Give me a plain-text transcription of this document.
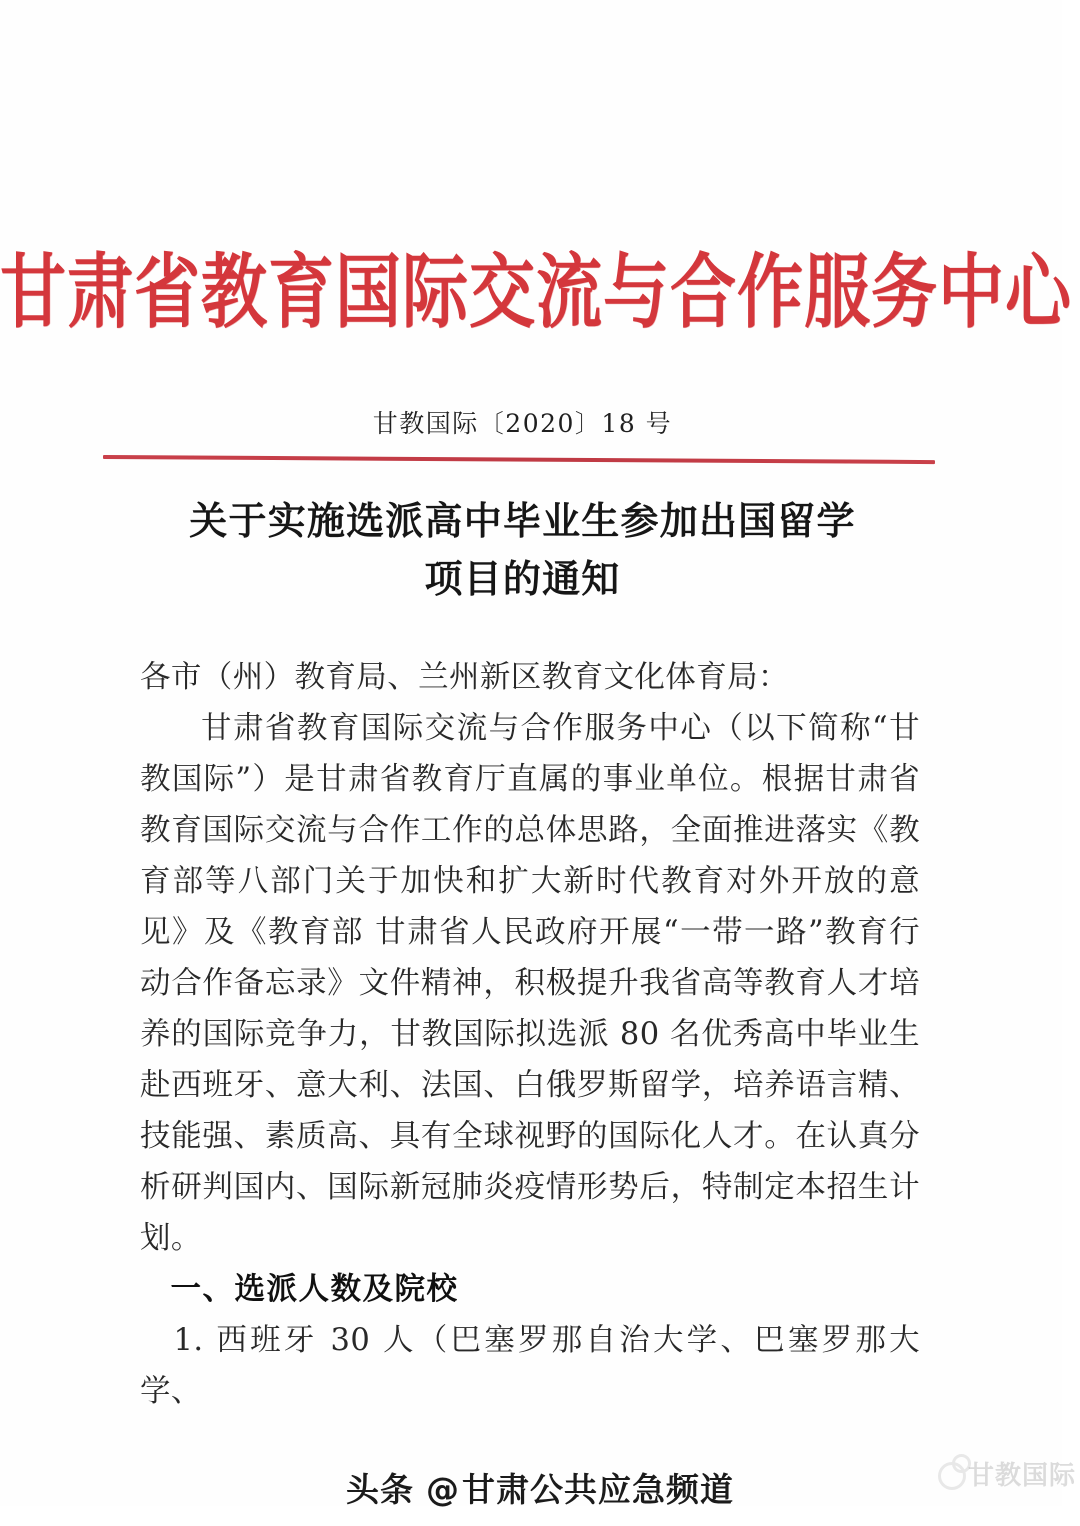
甘肃省教育国际交流与合作服务中心
甘教国际〔2020〕18 号
关于实施选派高中毕业生参加出国留学
项目的通知

各市（州）教育局、兰州新区教育文化体育局：

甘肃省教育国际交流与合作服务中心（以下简称“甘教国际”）是甘肃省教育厅直属的事业单位。根据甘肃省教育国际交流与合作工作的总体思路，全面推进落实《教育部等八部门关于加快和扩大新时代教育对外开放的意见》及《教育部 甘肃省人民政府开展“一带一路”教育行动合作备忘录》文件精神，积极提升我省高等教育人才培养的国际竞争力，甘教国际拟选派 80 名优秀高中毕业生赴西班牙、意大利、法国、白俄罗斯留学，培养语言精、技能强、素质高、具有全球视野的国际化人才。在认真分析研判国内、国际新冠肺炎疫情形势后，特制定本招生计划。

一、选派人数及院校

1. 西班牙 30 人（巴塞罗那自治大学、巴塞罗那大学、

甘教国际
头条 @甘肃公共应急频道
